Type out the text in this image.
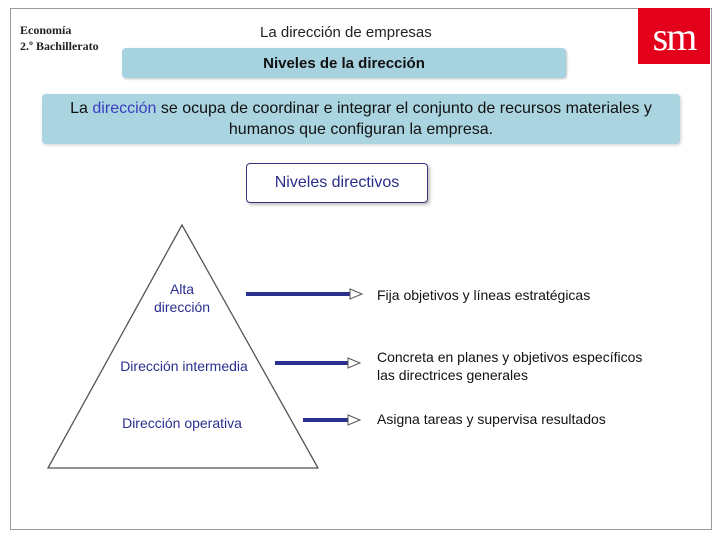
Economía
2.º Bachillerato
La dirección de empresas	sm
Niveles de la dirección
La dirección se ocupa de coordinar e integrar el conjunto de recursos materiales y humanos que configuran la empresa.
Niveles directivos
Alta
dirección
Dirección intermedia
Dirección operativa
Fija objetivos y líneas estratégicas
Concreta en planes y objetivos específicos
las directrices generales
Asigna tareas y supervisa resultados
